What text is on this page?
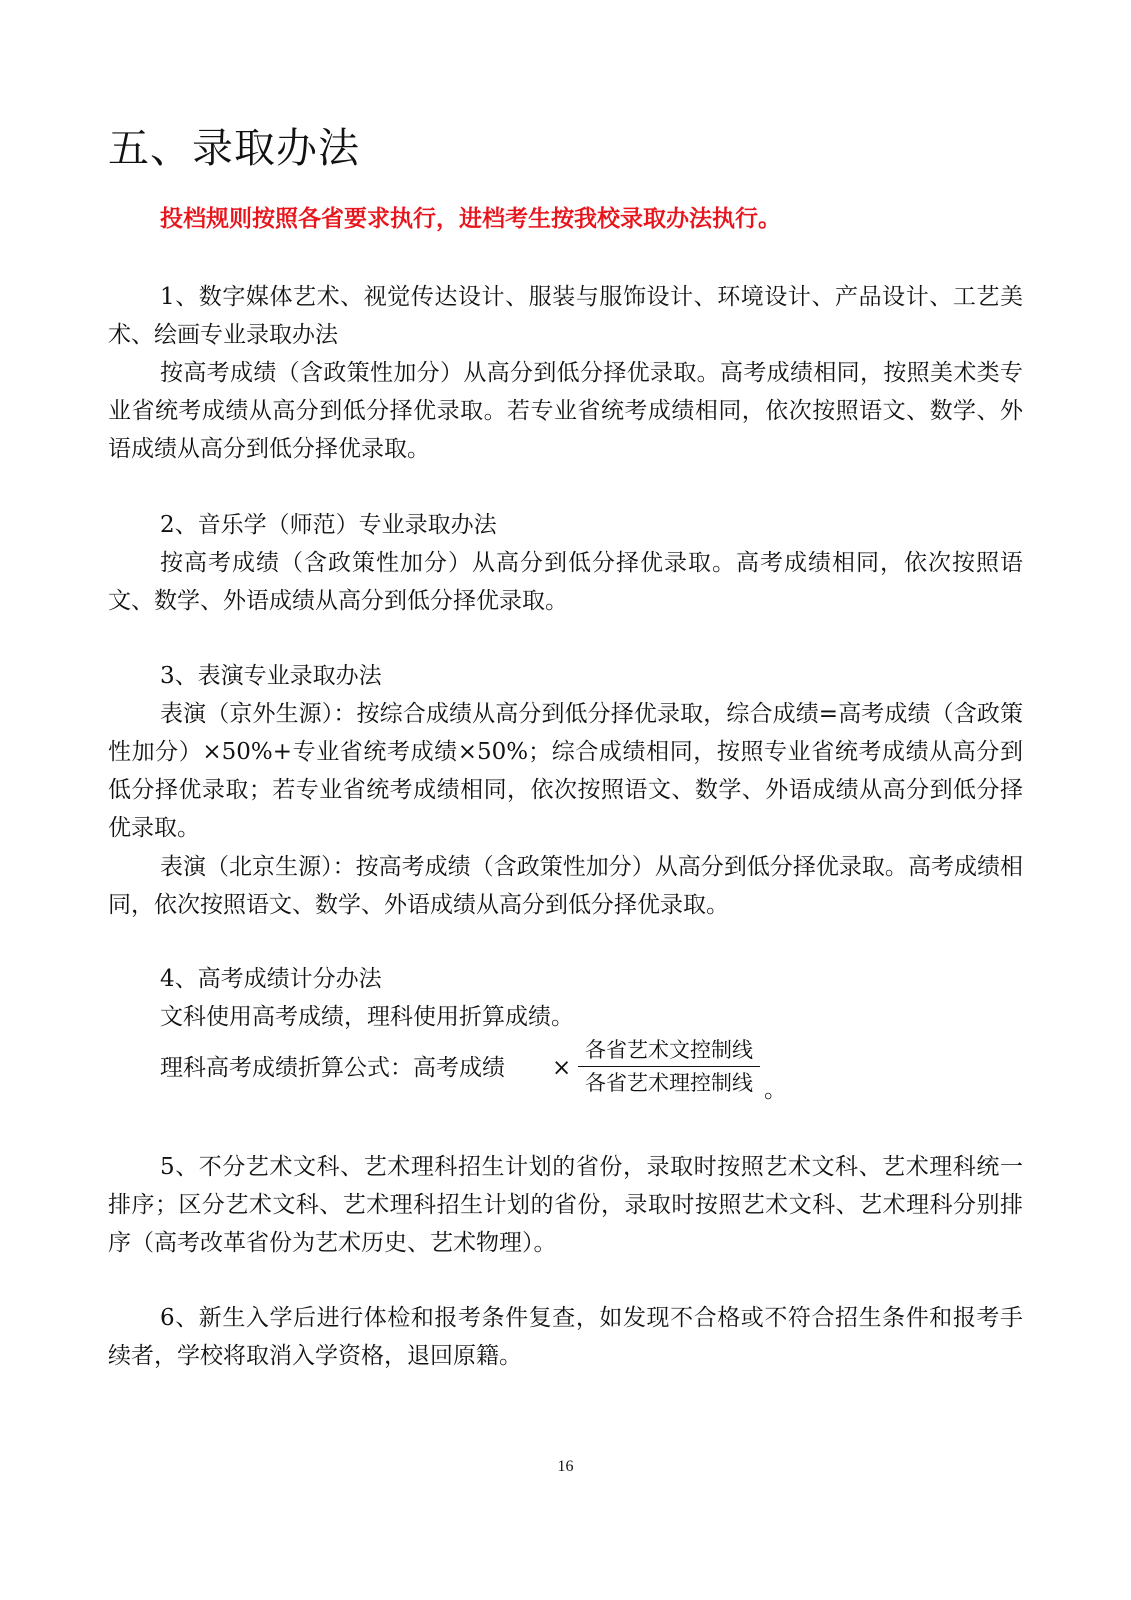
五、录取办法
投档规则按照各省要求执行，进档考生按我校录取办法执行。

1、数字媒体艺术、视觉传达设计、服装与服饰设计、环境设计、产品设计、工艺美术、绘画专业录取办法

按高考成绩（含政策性加分）从高分到低分择优录取。高考成绩相同，按照美术类专业省统考成绩从高分到低分择优录取。若专业省统考成绩相同，依次按照语文、数学、外语成绩从高分到低分择优录取。

2、音乐学（师范）专业录取办法

按高考成绩（含政策性加分）从高分到低分择优录取。高考成绩相同，依次按照语文、数学、外语成绩从高分到低分择优录取。

3、表演专业录取办法

表演（京外生源）：按综合成绩从高分到低分择优录取，综合成绩=高考成绩（含政策性加分）×50%+专业省统考成绩×50%；综合成绩相同，按照专业省统考成绩从高分到低分择优录取；若专业省统考成绩相同，依次按照语文、数学、外语成绩从高分到低分择优录取。

表演（北京生源）：按高考成绩（含政策性加分）从高分到低分择优录取。高考成绩相同，依次按照语文、数学、外语成绩从高分到低分择优录取。

4、高考成绩计分办法

文科使用高考成绩，理科使用折算成绩。

理科高考成绩折算公式：高考成绩 ×
各省艺术文控制线
各省艺术理控制线 。

5、不分艺术文科、艺术理科招生计划的省份，录取时按照艺术文科、艺术理科统一排序；区分艺术文科、艺术理科招生计划的省份，录取时按照艺术文科、艺术理科分别排序（高考改革省份为艺术历史、艺术物理）。

6、新生入学后进行体检和报考条件复查，如发现不合格或不符合招生条件和报考手续者，学校将取消入学资格，退回原籍。

16
